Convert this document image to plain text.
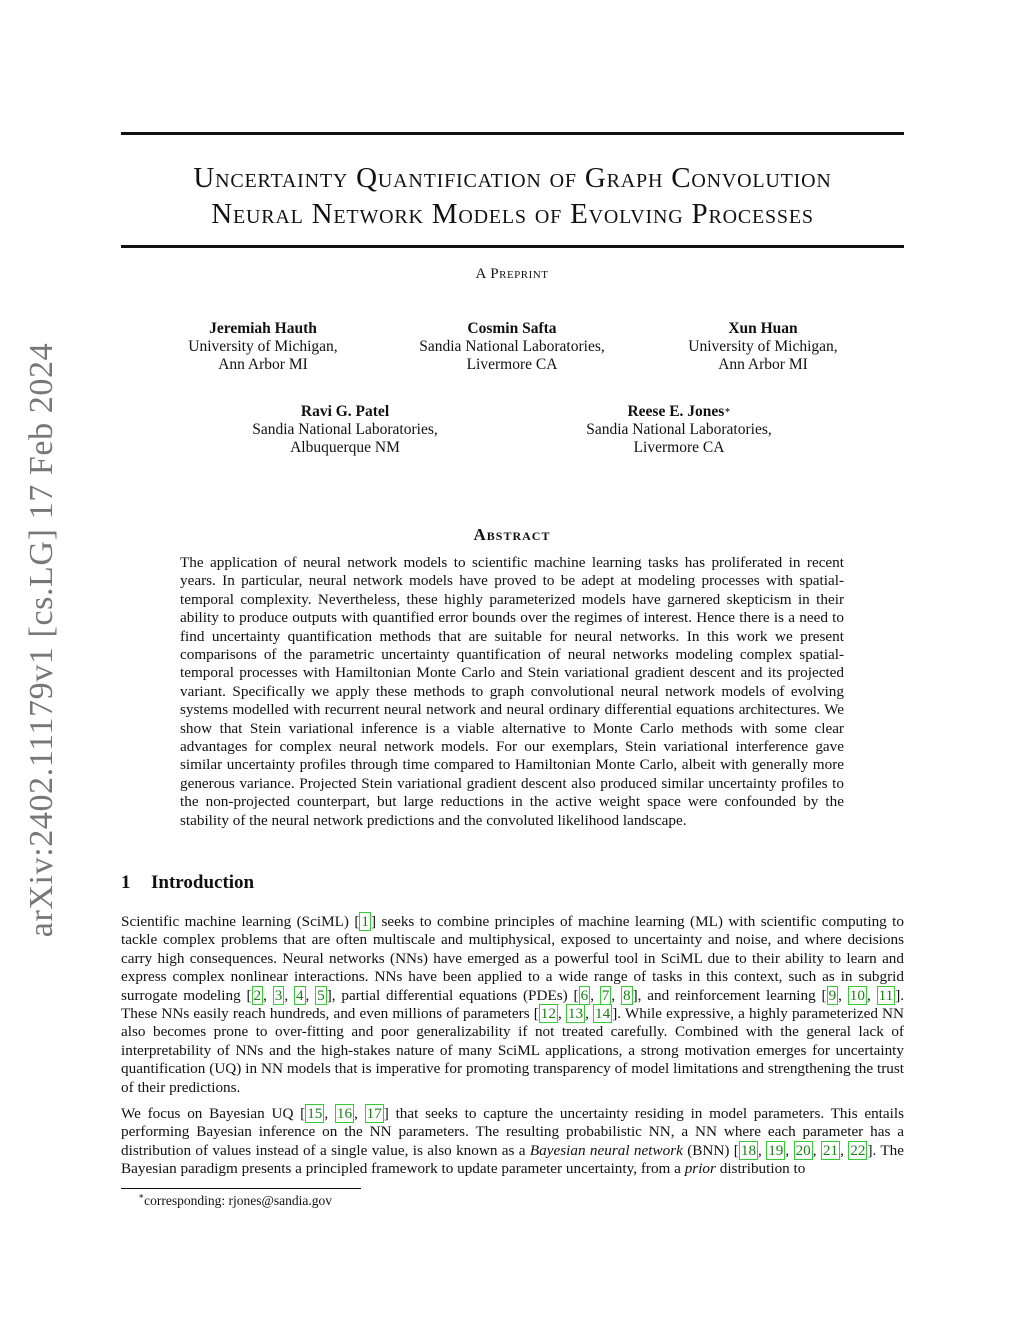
arXiv:2402.11179v1 [cs.LG] 17 Feb 2024
Uncertainty Quantification of Graph Convolution
Neural Network Models of Evolving Processes
A Preprint
Jeremiah Hauth
University of Michigan,
Ann Arbor MI
Cosmin Safta
Sandia National Laboratories,
Livermore CA
Xun Huan
University of Michigan,
Ann Arbor MI
Ravi G. Patel
Sandia National Laboratories,
Albuquerque NM
Reese E. Jones∗
Sandia National Laboratories,
Livermore CA
Abstract

The application of neural network models to scientific machine learning tasks has proliferated in recent years. In particular, neural network models have proved to be adept at modeling processes with spatial-temporal complexity. Nevertheless, these highly parameterized models have garnered skepticism in their ability to produce outputs with quantified error bounds over the regimes of interest. Hence there is a need to find uncertainty quantification methods that are suitable for neural networks. In this work we present comparisons of the parametric uncertainty quantification of neural networks modeling complex spatial-temporal processes with Hamiltonian Monte Carlo and Stein variational gradient descent and its projected variant. Specifically we apply these methods to graph convolutional neural network models of evolving systems modelled with recurrent neural network and neural ordinary differential equations architectures. We show that Stein variational inference is a viable alternative to Monte Carlo methods with some clear advantages for complex neural network models. For our exemplars, Stein variational interference gave similar uncertainty profiles through time compared to Hamiltonian Monte Carlo, albeit with generally more generous variance. Projected Stein variational gradient descent also produced similar uncertainty profiles to the non-projected counterpart, but large reductions in the active weight space were confounded by the stability of the neural network predictions and the convoluted likelihood landscape.

1 Introduction

Scientific machine learning (SciML) [ 1 ] seeks to combine principles of machine learning (ML) with scientific computing to tackle complex problems that are often multiscale and multiphysical, exposed to uncertainty and noise, and where decisions carry high consequences. Neural networks (NNs) have emerged as a powerful tool in SciML due to their ability to learn and express complex nonlinear interactions. NNs have been applied to a wide range of tasks in this context, such as in subgrid surrogate modeling [ 2 , 3 , 4 , 5 ], partial differential equations (PDEs) [ 6 , 7 , 8 ], and reinforcement learning [ 9 , 10 , 11 ]. These NNs easily reach hundreds, and even millions of parameters [ 12 , 13 , 14 ]. While expressive, a highly parameterized NN also becomes prone to over-fitting and poor generalizability if not treated carefully. Combined with the general lack of interpretability of NNs and the high-stakes nature of many SciML applications, a strong motivation emerges for uncertainty quantification (UQ) in NN models that is imperative for promoting transparency of model limitations and strengthening the trust of their predictions.

We focus on Bayesian UQ [ 15 , 16 , 17 ] that seeks to capture the uncertainty residing in model parameters. This entails performing Bayesian inference on the NN parameters. The resulting probabilistic NN, a NN where each parameter has a distribution of values instead of a single value, is also known as a Bayesian neural network (BNN) [ 18 , 19 , 20 , 21 , 22 ]. The Bayesian paradigm presents a principled framework to update parameter uncertainty, from a prior distribution to

∗corresponding: rjones@sandia.gov
